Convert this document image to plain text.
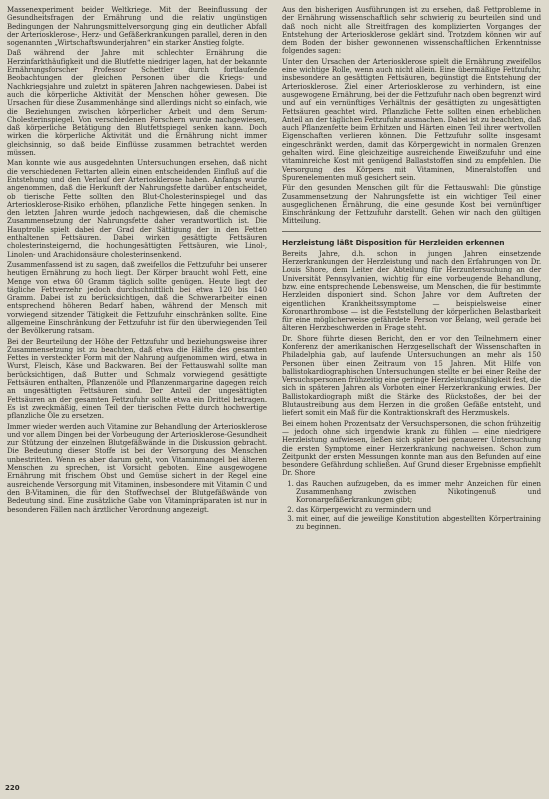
Massenexperiment beider Weltkriege. Mit der Beeinflussung der Gesundheitsfragen der Ernährung und die relativ ungünstigen Bedingungen der Nahrungsmittelversorgung ging ein deutlicher Abfall der Arteriosklerose-, Herz- und Gefäßerkrankungen parallel, deren in den sogenannten „Wirtschaftswunderjahren“ ein starker Anstieg folgte.

Daß während der Jahre mit schlechter Ernährung die Herzinfarkthäufigkeit und die Blutfette niedriger lagen, hat der bekannte Ernährungsforscher Professor Schettler durch fortlaufende Beobachtungen der gleichen Personen über die Kriegs- und Nachkriegsjahre und zuletzt in späteren Jahren nachgewiesen. Dabei ist auch die körperliche Aktivität der Menschen höher gewesen. Die Ursachen für diese Zusammenhänge sind allerdings nicht so einfach, wie die Beziehungen zwischen körperlicher Arbeit und dem Serum-Cholesterinspiegel. Von verschiedenen Forschern wurde nachgewiesen, daß körperliche Betätigung den Blutfettspiegel senken kann. Doch wirken die körperliche Aktivität und die Ernährung nicht immer gleichsinnig, so daß beide Einflüsse zusammen betrachtet werden müssen.

Man konnte wie aus ausgedehnten Untersuchungen ersehen, daß nicht die verschiedenen Fettarten allein einen entscheidenden Einfluß auf die Entstehung und den Verlauf der Arteriosklerose haben. Anfangs wurde angenommen, daß die Herkunft der Nahrungsfette darüber entscheidet, ob tierische Fette sollten den Blut-Cholesterinspiegel und das Arteriosklerose-Risiko erhöhen, pflanzliche Fette hingegen senken. In den letzten Jahren wurde jedoch nachgewiesen, daß die chemische Zusammensetzung der Nahrungsfette daher verantwortlich ist. Die Hauptrolle spielt dabei der Grad der Sättigung der in den Fetten enthaltenen Fettsäuren. Dabei wirken gesättigte Fettsäuren cholesterinsteigernd, die hochungesättigten Fettsäuren, wie Linol-, Linolen- und Arachidonsäure cholesterinsenkend.

Zusammenfassend ist zu sagen, daß zweifellos die Fettzufuhr bei unserer heutigen Ernährung zu hoch liegt. Der Körper braucht wohl Fett, eine Menge von etwa 60 Gramm täglich sollte genügen. Heute liegt der tägliche Fettverzehr jedoch durchschnittlich bei etwa 120 bis 140 Gramm. Dabei ist zu berücksichtigen, daß die Schwerarbeiter einen entsprechend höheren Bedarf haben, während der Mensch mit vorwiegend sitzender Tätigkeit die Fettzufuhr einschränken sollte. Eine allgemeine Einschränkung der Fettzufuhr ist für den überwiegenden Teil der Bevölkerung ratsam.

Bei der Beurteilung der Höhe der Fettzufuhr und beziehungsweise ihrer Zusammensetzung ist zu beachten, daß etwa die Hälfte des gesamten Fettes in versteckter Form mit der Nahrung aufgenommen wird, etwa in Wurst, Fleisch, Käse und Backwaren. Bei der Fettauswahl sollte man berücksichtigen, daß Butter und Schmalz vorwiegend gesättigte Fettsäuren enthalten, Pflanzenöle und Pflanzenmargarine dagegen reich an ungesättigten Fettsäuren sind. Der Anteil der ungesättigten Fettsäuren an der gesamten Fettzufuhr sollte etwa ein Drittel betragen. Es ist zweckmäßig, einen Teil der tierischen Fette durch hochwertige pflanzliche Öle zu ersetzen.

Immer wieder werden auch Vitamine zur Behandlung der Arteriosklerose und vor allem Dingen bei der Vorbeugung der Arteriosklerose-Gesundheit zur Stützung der einzelnen Blutgefäßwände in die Diskussion gebracht. Die Bedeutung dieser Stoffe ist bei der Versorgung des Menschen unbestritten. Wenn es aber darum geht, von Vitaminmangel bei älteren Menschen zu sprechen, ist Vorsicht geboten. Eine ausgewogene Ernährung mit frischem Obst und Gemüse sichert in der Regel eine ausreichende Versorgung mit Vitaminen, insbesondere mit Vitamin C und den B-Vitaminen, die für den Stoffwechsel der Blutgefäßwände von Bedeutung sind. Eine zusätzliche Gabe von Vitaminpräparaten ist nur in besonderen Fällen nach ärztlicher Verordnung angezeigt.

Aus den bisherigen Ausführungen ist zu ersehen, daß Fettprobleme in der Ernährung wissenschaftlich sehr schwierig zu beurteilen sind und daß noch nicht alle Streitfragen des komplizierten Vorganges der Entstehung der Arteriosklerose geklärt sind. Trotzdem können wir auf dem Boden der bisher gewonnenen wissenschaftlichen Erkenntnisse folgendes sagen:

Unter den Ursachen der Arteriosklerose spielt die Ernährung zweifellos eine wichtige Rolle, wenn auch nicht allein. Eine übermäßige Fettzufuhr, insbesondere an gesättigten Fettsäuren, begünstigt die Entstehung der Arteriosklerose. Ziel einer Arteriosklerose zu verhindern, ist eine ausgewogene Ernährung, bei der die Fettzufuhr nach oben begrenzt wird und auf ein vernünftiges Verhältnis der gesättigten zu ungesättigten Fettsäuren geachtet wird. Pflanzliche Fette sollten einen erheblichen Anteil an der täglichen Fettzufuhr ausmachen. Dabei ist zu beachten, daß auch Pflanzenfette beim Erhitzen und Härten einen Teil ihrer wertvollen Eigenschaften verlieren können. Die Fettzufuhr sollte insgesamt eingeschränkt werden, damit das Körpergewicht in normalen Grenzen gehalten wird. Eine gleichzeitige ausreichende Eiweißzufuhr und eine vitaminreiche Kost mit genügend Ballaststoffen sind zu empfehlen. Die Versorgung des Körpers mit Vitaminen, Mineralstoffen und Spurenelementen muß gesichert sein.

Für den gesunden Menschen gilt für die Fettauswahl: Die günstige Zusammensetzung der Nahrungsfette ist ein wichtiger Teil einer ausgeglichenen Ernährung, die eine gesunde Kost bei vernünftiger Einschränkung der Fettzufuhr darstellt. Gehen wir nach den gültigen Mitteilung.

Herzleistung läßt Disposition für Herzleiden erkennen

Bereits Jahre, d.h. schon in jungen Jahren einsetzende Herzerkrankungen der Herzleistung und nach den Erfahrungen von Dr. Louis Shore, dem Leiter der Abteilung für Herzuntersuchung an der Universität Pennsylvanien, wichtig für eine vorbeugende Behandlung, bzw. eine entsprechende Lebensweise, um Menschen, die für bestimmte Herzleiden disponiert sind. Schon Jahre vor dem Auftreten der eigentlichen Krankheitssymptome — beispielsweise einer Koronarthrombose — ist die Feststellung der körperlichen Belastbarkeit für eine möglicherweise gefährdete Person vor Belang, weil gerade bei älteren Herzbeschwerden in Frage steht.

Dr. Shore führte diesen Bericht, den er vor den Teilnehmern einer Konferenz der amerikanischen Herzgesellschaft der Wissenschaften in Philadelphia gab, auf laufende Untersuchungen an mehr als 150 Personen über einen Zeitraum von 15 Jahren. Mit Hilfe von ballistokardiographischen Untersuchungen stellte er bei einer Reihe der Versuchspersonen frühzeitig eine geringe Herzleistungsfähigkeit fest, die sich in späteren Jahren als Vorboten einer Herzerkrankung erwies. Der Ballistokardiograph mißt die Stärke des Rückstoßes, der bei der Blutaustreibung aus dem Herzen in die großen Gefäße entsteht, und liefert somit ein Maß für die Kontraktionskraft des Herzmuskels.

Bei einem hohen Prozentsatz der Versuchspersonen, die schon frühzeitig — jedoch ohne sich irgendwie krank zu fühlen — eine niedrigere Herzleistung aufwiesen, ließen sich später bei genauerer Untersuchung die ersten Symptome einer Herzerkrankung nachweisen. Schon zum Zeitpunkt der ersten Messungen konnte man aus den Befunden auf eine besondere Gefährdung schließen. Auf Grund dieser Ergebnisse empfiehlt Dr. Shore

1. das Rauchen aufzugeben, da es immer mehr Anzeichen für einen Zusammenhang zwischen Nikotingenuß und Koronargefäßerkrankungen gibt;
2. das Körpergewicht zu vermindern und
3. mit einer, auf die jeweilige Konstitution abgestellten Körpertraining zu beginnen.
220
